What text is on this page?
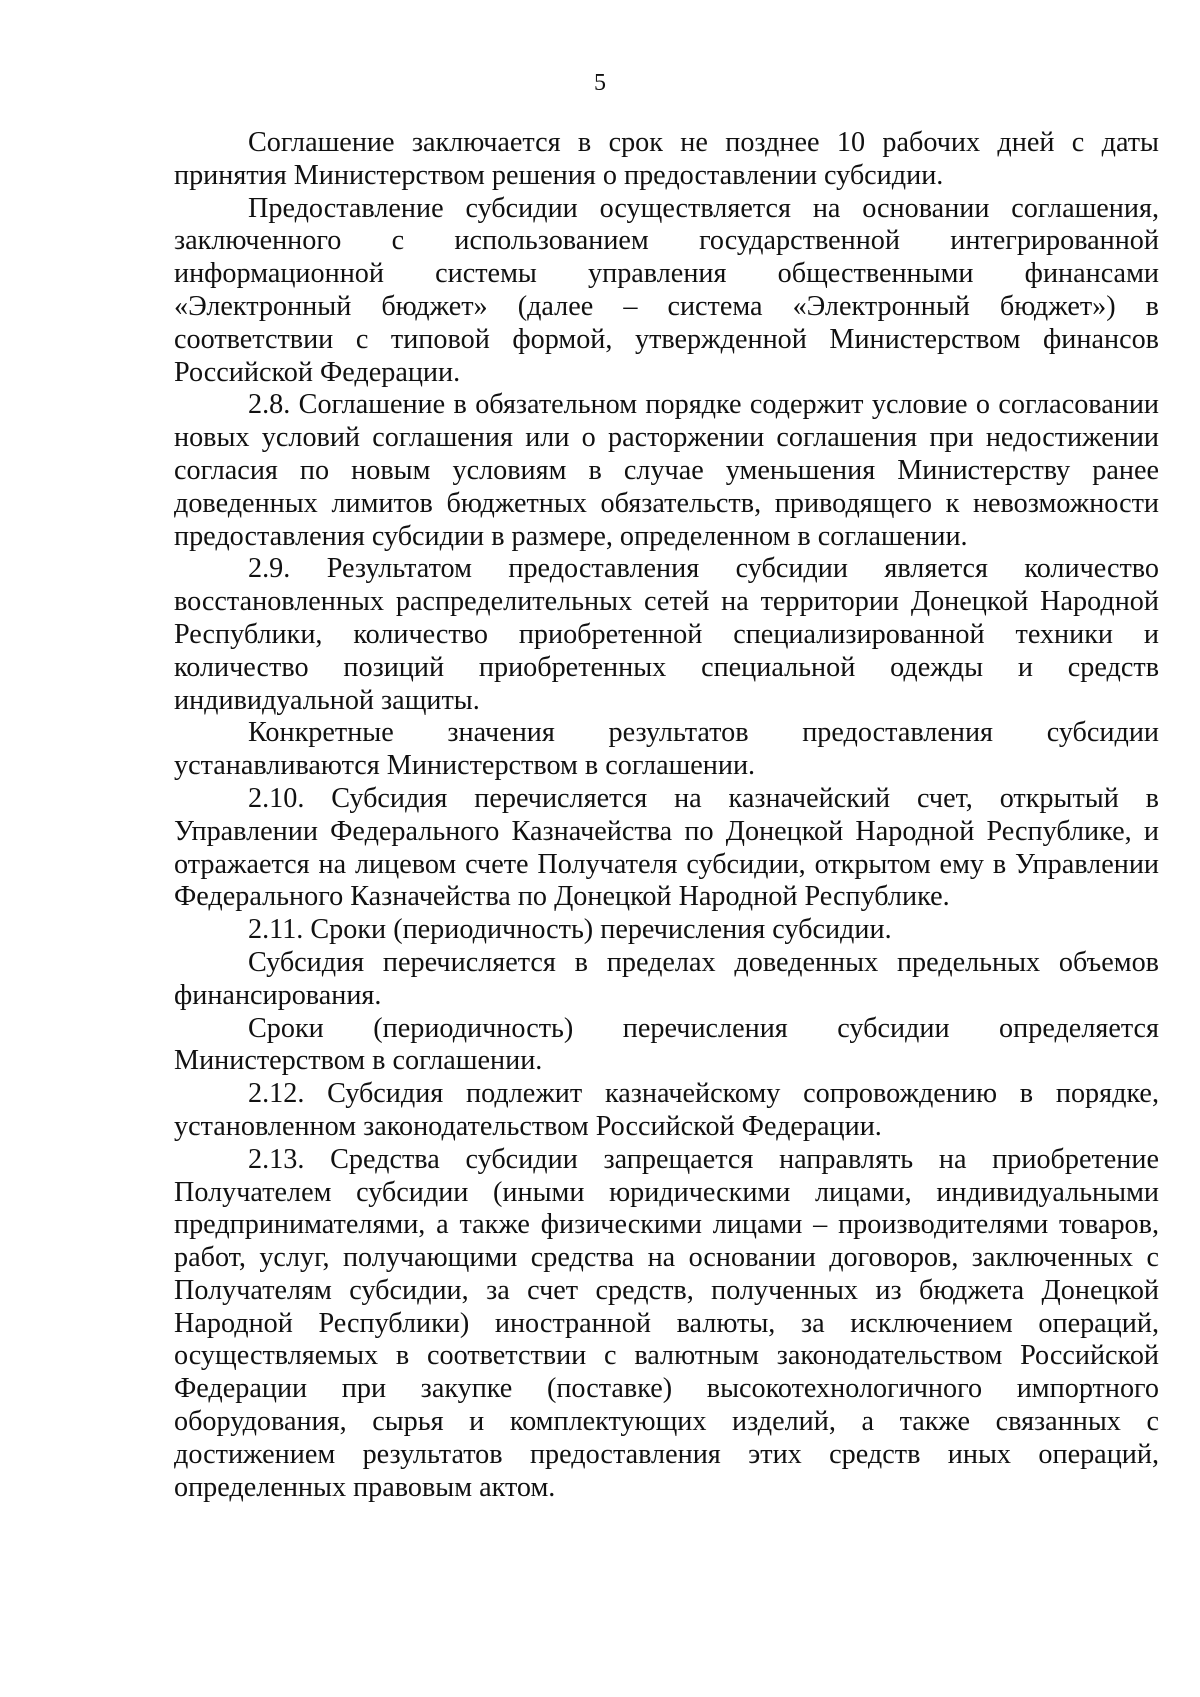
5

Соглашение заключается в срок не позднее 10 рабочих дней с даты принятия Министерством решения о предоставлении субсидии.

Предоставление субсидии осуществляется на основании соглашения, заключенного с использованием государственной интегрированной информационной системы управления общественными финансами «Электронный бюджет» (далее – система «Электронный бюджет») в соответствии с типовой формой, утвержденной Министерством финансов Российской Федерации.

2.8. Соглашение в обязательном порядке содержит условие о согласовании новых условий соглашения или о расторжении соглашения при недостижении согласия по новым условиям в случае уменьшения Министерству ранее доведенных лимитов бюджетных обязательств, приводящего к невозможности предоставления субсидии в размере, определенном в соглашении.

2.9. Результатом предоставления субсидии является количество восстановленных распределительных сетей на территории Донецкой Народной Республики, количество приобретенной специализированной техники и количество позиций приобретенных специальной одежды и средств индивидуальной защиты.

Конкретные значения результатов предоставления субсидии устанавливаются Министерством в соглашении.

2.10. Субсидия перечисляется на казначейский счет, открытый в Управлении Федерального Казначейства по Донецкой Народной Республике, и отражается на лицевом счете Получателя субсидии, открытом ему в Управлении Федерального Казначейства по Донецкой Народной Республике.

2.11. Сроки (периодичность) перечисления субсидии.

Субсидия перечисляется в пределах доведенных предельных объемов финансирования.

Сроки (периодичность) перечисления субсидии определяется Министерством в соглашении.

2.12. Субсидия подлежит казначейскому сопровождению в порядке, установленном законодательством Российской Федерации.

2.13. Средства субсидии запрещается направлять на приобретение Получателем субсидии (иными юридическими лицами, индивидуальными предпринимателями, а также физическими лицами – производителями товаров, работ, услуг, получающими средства на основании договоров, заключенных с Получателям субсидии, за счет средств, полученных из бюджета Донецкой Народной Республики) иностранной валюты, за исключением операций, осуществляемых в соответствии с валютным законодательством Российской Федерации при закупке (поставке) высокотехнологичного импортного оборудования, сырья и комплектующих изделий, а также связанных с достижением результатов предоставления этих средств иных операций, определенных правовым актом.
